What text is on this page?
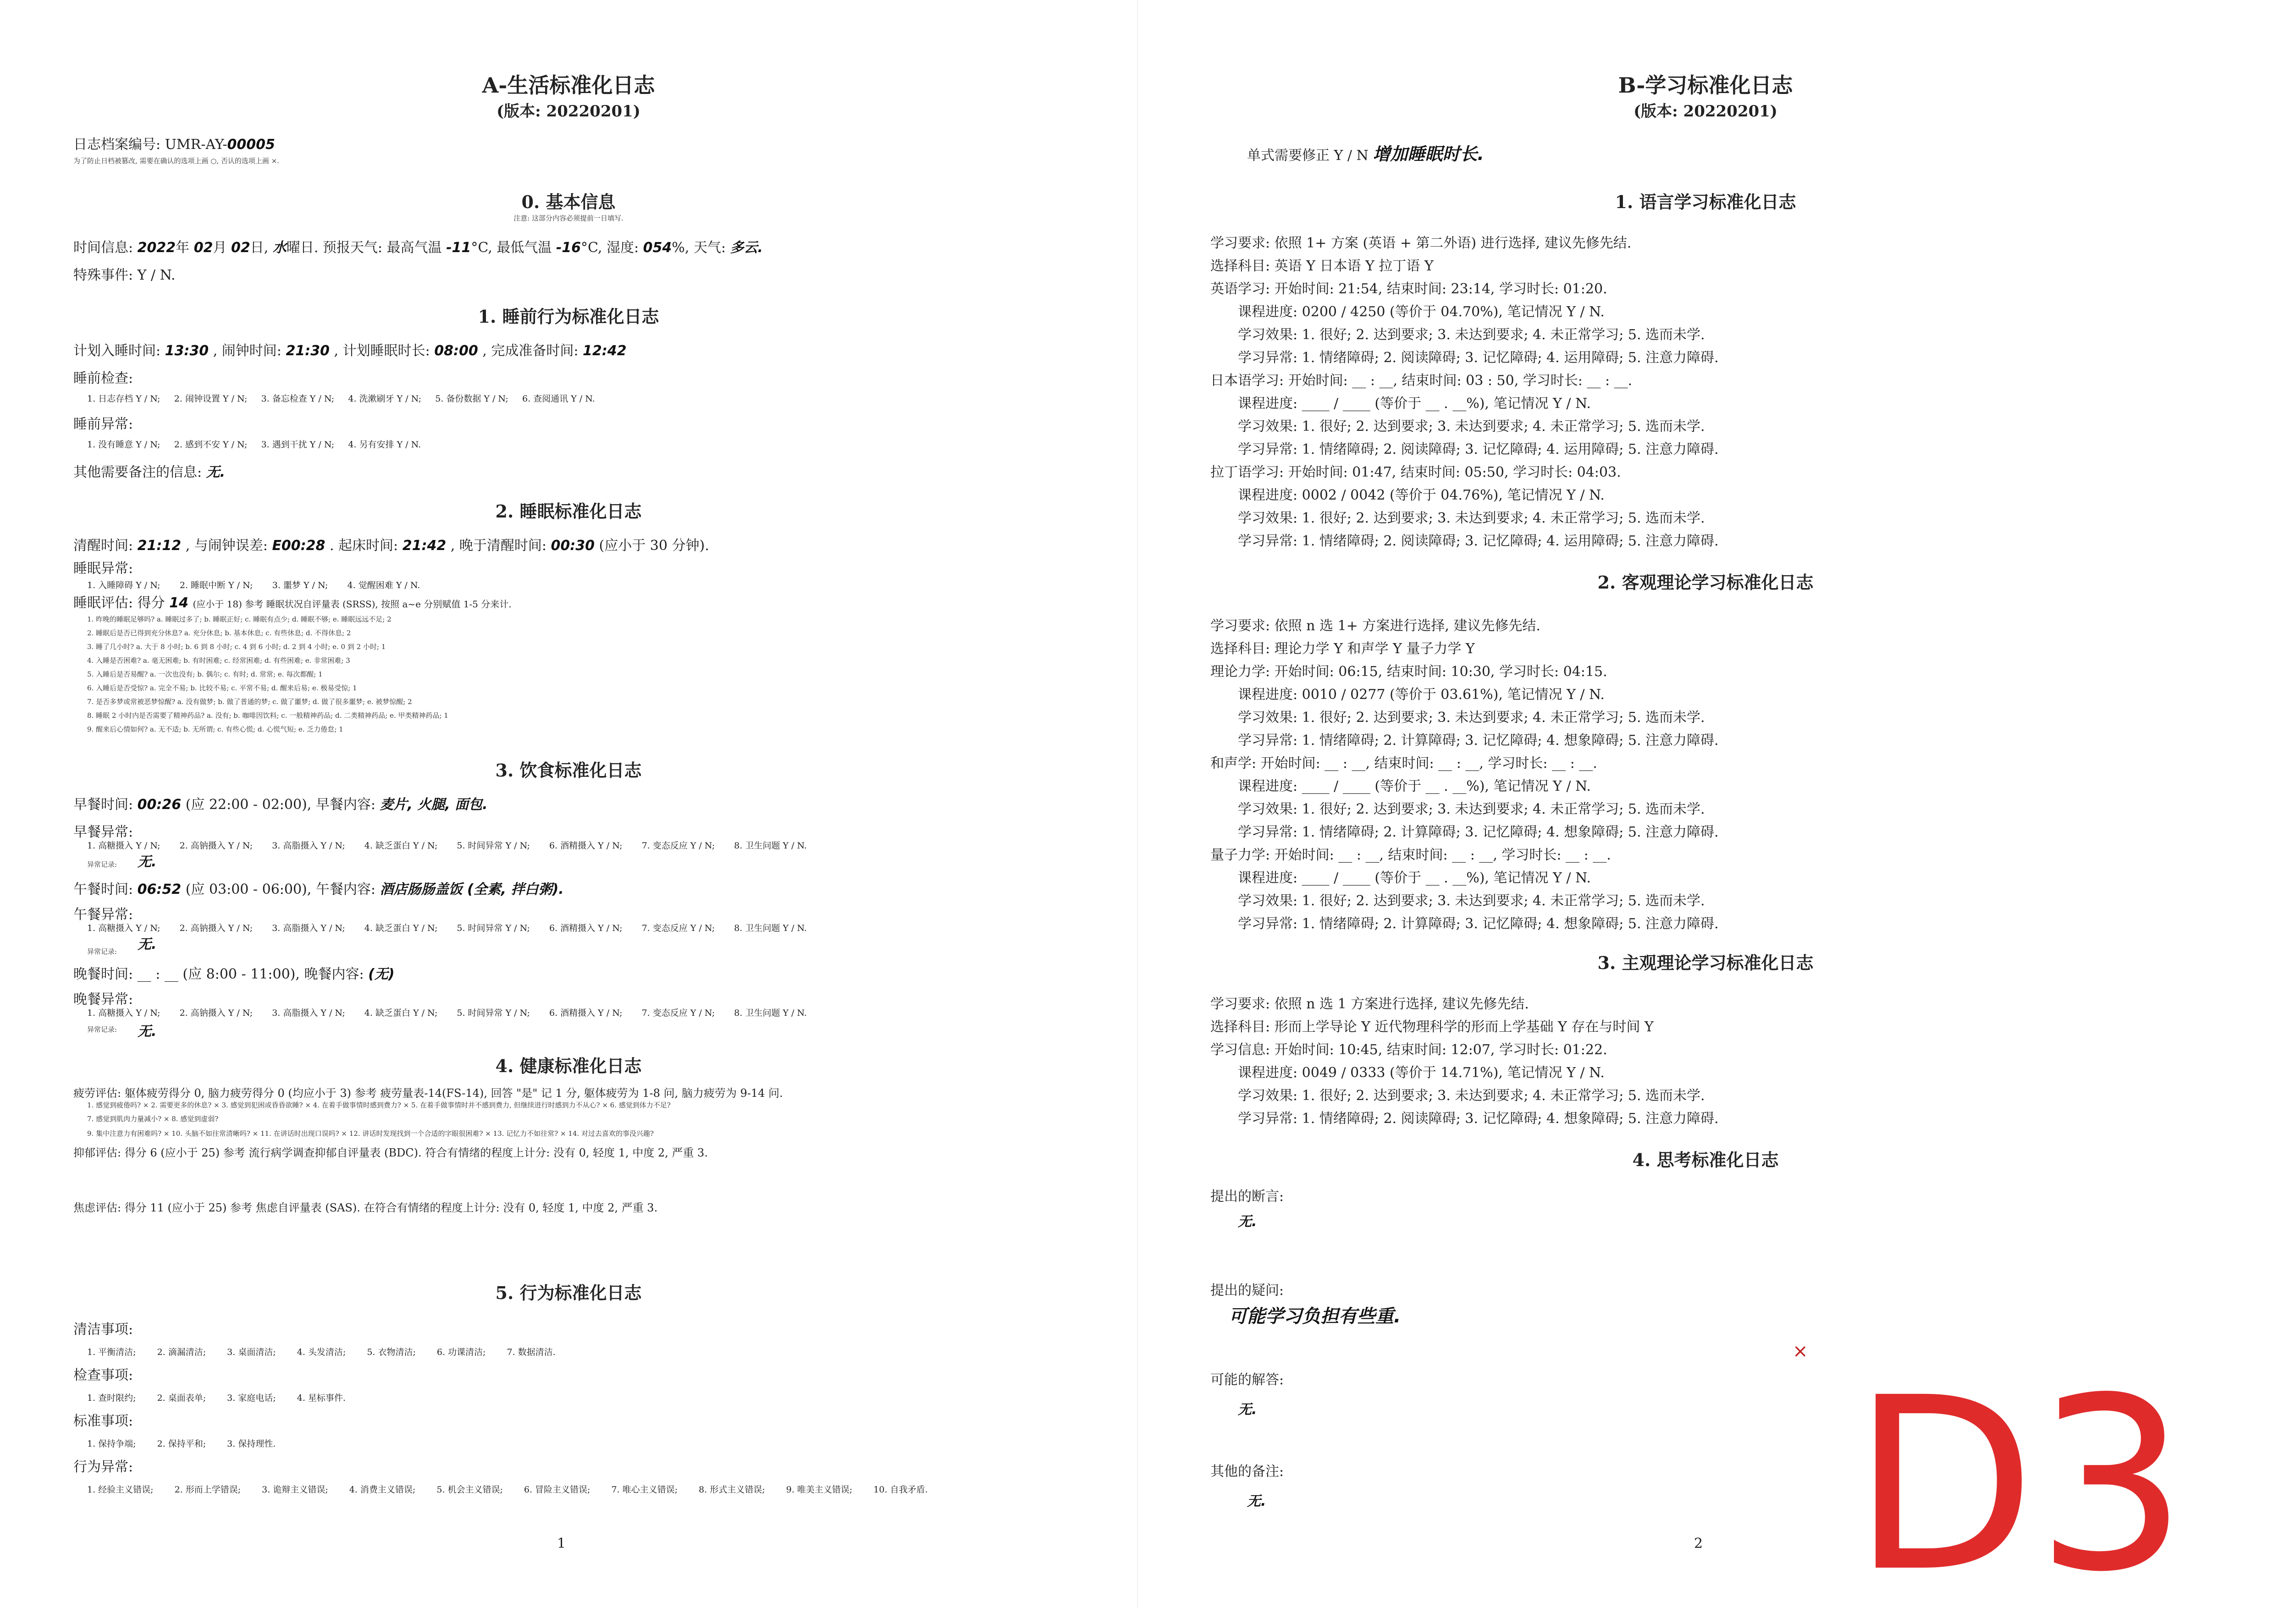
A-生活标准化日志
(版本: 20220201)
日志档案编号: UMR-AY-00005
为了防止日档被篡改, 需要在确认的选项上画 ○, 否认的选项上画 ×.
0. 基本信息
注意: 这部分内容必须提前一日填写.
时间信息: 2022年 02月 02日, 水曜日. 预报天气: 最高气温 -11°C, 最低气温 -16°C, 湿度: 054%, 天气: 多云.
特殊事件: Y / N.
1. 睡前行为标准化日志
计划入睡时间: 13:30 , 闹钟时间: 21:30 , 计划睡眠时长: 08:00 , 完成准备时间: 12:42
睡前检查:
1. 日志存档 Y / N; 2. 闹钟设置 Y / N; 3. 备忘检查 Y / N; 4. 洗漱刷牙 Y / N; 5. 备份数据 Y / N; 6. 查阅通讯 Y / N.
睡前异常:
1. 没有睡意 Y / N; 2. 感到不安 Y / N; 3. 遇到干扰 Y / N; 4. 另有安排 Y / N.
其他需要备注的信息: 无.
2. 睡眠标准化日志
清醒时间: 21:12 , 与闹钟误差: E00:28 . 起床时间: 21:42 , 晚于清醒时间: 00:30 (应小于 30 分钟).
睡眠异常:
1. 入睡障碍 Y / N; 2. 睡眠中断 Y / N; 3. 噩梦 Y / N; 4. 觉醒困难 Y / N.
睡眠评估: 得分 14 (应小于 18) 参考 睡眠状况自评量表 (SRSS), 按照 a~e 分别赋值 1-5 分来计.
1. 昨晚的睡眠足够吗? a. 睡眠过多了; b. 睡眠正好; c. 睡眠有点少; d. 睡眠不够; e. 睡眠远远不足; 2
2. 睡眠后是否已得到充分休息? a. 充分休息; b. 基本休息; c. 有些休息; d. 不得休息; 2
3. 睡了几小时? a. 大于 8 小时; b. 6 到 8 小时; c. 4 到 6 小时; d. 2 到 4 小时; e. 0 到 2 小时; 1
4. 入睡是否困难? a. 毫无困难; b. 有时困难; c. 经常困难; d. 有些困难; e. 非常困难; 3
5. 入睡后是否易醒? a. 一次也没有; b. 偶尔; c. 有时; d. 常常; e. 每次都醒; 1
6. 入睡后是否受惊? a. 完全不易; b. 比较不易; c. 平常不易; d. 醒来后易; e. 极易受惊; 1
7. 是否多梦或常被恶梦惊醒? a. 没有做梦; b. 做了普通的梦; c. 做了噩梦; d. 做了很多噩梦; e. 被梦惊醒; 2
8. 睡眠 2 小时内是否需要了精神药品? a. 没有; b. 咖啡因饮料; c. 一般精神药品; d. 二类精神药品; e. 甲类精神药品; 1
9. 醒来后心情如何? a. 无不适; b. 无所谓; c. 有些心慌; d. 心慌气短; e. 乏力倦怠; 1
3. 饮食标准化日志
早餐时间: 00:26 (应 22:00 - 02:00), 早餐内容: 麦片, 火腿, 面包.
早餐异常:
1. 高糖摄入 Y / N; 2. 高钠摄入 Y / N; 3. 高脂摄入 Y / N; 4. 缺乏蛋白 Y / N; 5. 时间异常 Y / N; 6. 酒精摄入 Y / N; 7. 变态反应 Y / N; 8. 卫生问题 Y / N.
异常记录: 无.
午餐时间: 06:52 (应 03:00 - 06:00), 午餐内容: 酒店肠肠盖饭 (全素, 拌白粥).
午餐异常:
1. 高糖摄入 Y / N; 2. 高钠摄入 Y / N; 3. 高脂摄入 Y / N; 4. 缺乏蛋白 Y / N; 5. 时间异常 Y / N; 6. 酒精摄入 Y / N; 7. 变态反应 Y / N; 8. 卫生问题 Y / N.
异常记录: 无.
晚餐时间: __ : __ (应 8:00 - 11:00), 晚餐内容: (无)
晚餐异常:
1. 高糖摄入 Y / N; 2. 高钠摄入 Y / N; 3. 高脂摄入 Y / N; 4. 缺乏蛋白 Y / N; 5. 时间异常 Y / N; 6. 酒精摄入 Y / N; 7. 变态反应 Y / N; 8. 卫生问题 Y / N.
异常记录: 无.
4. 健康标准化日志
疲劳评估: 躯体疲劳得分 0, 脑力疲劳得分 0 (均应小于 3) 参考 疲劳量表-14(FS-14), 回答 "是" 记 1 分, 躯体疲劳为 1-8 问, 脑力疲劳为 9-14 问.
1. 感觉到疲倦吗? × 2. 需要更多的休息? × 3. 感觉到犯困或昏昏欲睡? × 4. 在着手做事情时感到费力? × 5. 在着手做事情时并不感到费力, 但继续进行时感到力不从心? × 6. 感觉到体力不足?
7. 感觉到肌肉力量减小? × 8. 感觉到虚弱?
9. 集中注意力有困难吗? × 10. 头脑不如往常清晰吗? × 11. 在讲话时出现口误吗? × 12. 讲话时发现找到一个合适的字眼很困难? × 13. 记忆力不如往常? × 14. 对过去喜欢的事没兴趣?
抑郁评估: 得分 6 (应小于 25) 参考 流行病学调查抑郁自评量表 (BDC). 符合有情绪的程度上计分: 没有 0, 轻度 1, 中度 2, 严重 3.
焦虑评估: 得分 11 (应小于 25) 参考 焦虑自评量表 (SAS). 在符合有情绪的程度上计分: 没有 0, 轻度 1, 中度 2, 严重 3.
5. 行为标准化日志
清洁事项:
1. 平衡清洁; 2. 滴漏清洁; 3. 桌面清洁; 4. 头发清洁; 5. 衣物清洁; 6. 功课清洁; 7. 数据清洁.
检查事项:
1. 查时限约; 2. 桌面表单; 3. 家庭电话; 4. 星标事件.
标准事项:
1. 保持争端; 2. 保持平和; 3. 保持理性.
行为异常:
1. 经验主义错误; 2. 形而上学错误; 3. 诡辩主义错误; 4. 消费主义错误; 5. 机会主义错误; 6. 冒险主义错误; 7. 唯心主义错误; 8. 形式主义错误; 9. 唯美主义错误; 10. 自我矛盾.
1
B-学习标准化日志
(版本: 20220201)
单式需要修正 Y / N 增加睡眠时长.
1. 语言学习标准化日志
学习要求: 依照 1+ 方案 (英语 + 第二外语) 进行选择, 建议先修先结.
选择科目: 英语 Y 日本语 Y 拉丁语 Y
英语学习: 开始时间: 21:54, 结束时间: 23:14, 学习时长: 01:20.
课程进度: 0200 / 4250 (等价于 04.70%), 笔记情况 Y / N.
学习效果: 1. 很好; 2. 达到要求; 3. 未达到要求; 4. 未正常学习; 5. 选而未学.
学习异常: 1. 情绪障碍; 2. 阅读障碍; 3. 记忆障碍; 4. 运用障碍; 5. 注意力障碍.
日本语学习: 开始时间: __ : __, 结束时间: 03 : 50, 学习时长: __ : __.
课程进度: ____ / ____ (等价于 __ . __%), 笔记情况 Y / N.
学习效果: 1. 很好; 2. 达到要求; 3. 未达到要求; 4. 未正常学习; 5. 选而未学.
学习异常: 1. 情绪障碍; 2. 阅读障碍; 3. 记忆障碍; 4. 运用障碍; 5. 注意力障碍.
拉丁语学习: 开始时间: 01:47, 结束时间: 05:50, 学习时长: 04:03.
课程进度: 0002 / 0042 (等价于 04.76%), 笔记情况 Y / N.
学习效果: 1. 很好; 2. 达到要求; 3. 未达到要求; 4. 未正常学习; 5. 选而未学.
学习异常: 1. 情绪障碍; 2. 阅读障碍; 3. 记忆障碍; 4. 运用障碍; 5. 注意力障碍.
2. 客观理论学习标准化日志
学习要求: 依照 n 选 1+ 方案进行选择, 建议先修先结.
选择科目: 理论力学 Y 和声学 Y 量子力学 Y
理论力学: 开始时间: 06:15, 结束时间: 10:30, 学习时长: 04:15.
课程进度: 0010 / 0277 (等价于 03.61%), 笔记情况 Y / N.
学习效果: 1. 很好; 2. 达到要求; 3. 未达到要求; 4. 未正常学习; 5. 选而未学.
学习异常: 1. 情绪障碍; 2. 计算障碍; 3. 记忆障碍; 4. 想象障碍; 5. 注意力障碍.
和声学: 开始时间: __ : __, 结束时间: __ : __, 学习时长: __ : __.
课程进度: ____ / ____ (等价于 __ . __%), 笔记情况 Y / N.
学习效果: 1. 很好; 2. 达到要求; 3. 未达到要求; 4. 未正常学习; 5. 选而未学.
学习异常: 1. 情绪障碍; 2. 计算障碍; 3. 记忆障碍; 4. 想象障碍; 5. 注意力障碍.
量子力学: 开始时间: __ : __, 结束时间: __ : __, 学习时长: __ : __.
课程进度: ____ / ____ (等价于 __ . __%), 笔记情况 Y / N.
学习效果: 1. 很好; 2. 达到要求; 3. 未达到要求; 4. 未正常学习; 5. 选而未学.
学习异常: 1. 情绪障碍; 2. 计算障碍; 3. 记忆障碍; 4. 想象障碍; 5. 注意力障碍.
3. 主观理论学习标准化日志
学习要求: 依照 n 选 1 方案进行选择, 建议先修先结.
选择科目: 形而上学导论 Y 近代物理科学的形而上学基础 Y 存在与时间 Y
学习信息: 开始时间: 10:45, 结束时间: 12:07, 学习时长: 01:22.
课程进度: 0049 / 0333 (等价于 14.71%), 笔记情况 Y / N.
学习效果: 1. 很好; 2. 达到要求; 3. 未达到要求; 4. 未正常学习; 5. 选而未学.
学习异常: 1. 情绪障碍; 2. 阅读障碍; 3. 记忆障碍; 4. 想象障碍; 5. 注意力障碍.
4. 思考标准化日志
提出的断言:
无.
提出的疑问:
可能学习负担有些重.
可能的解答:
无.
其他的备注:
无.
2
× D3
